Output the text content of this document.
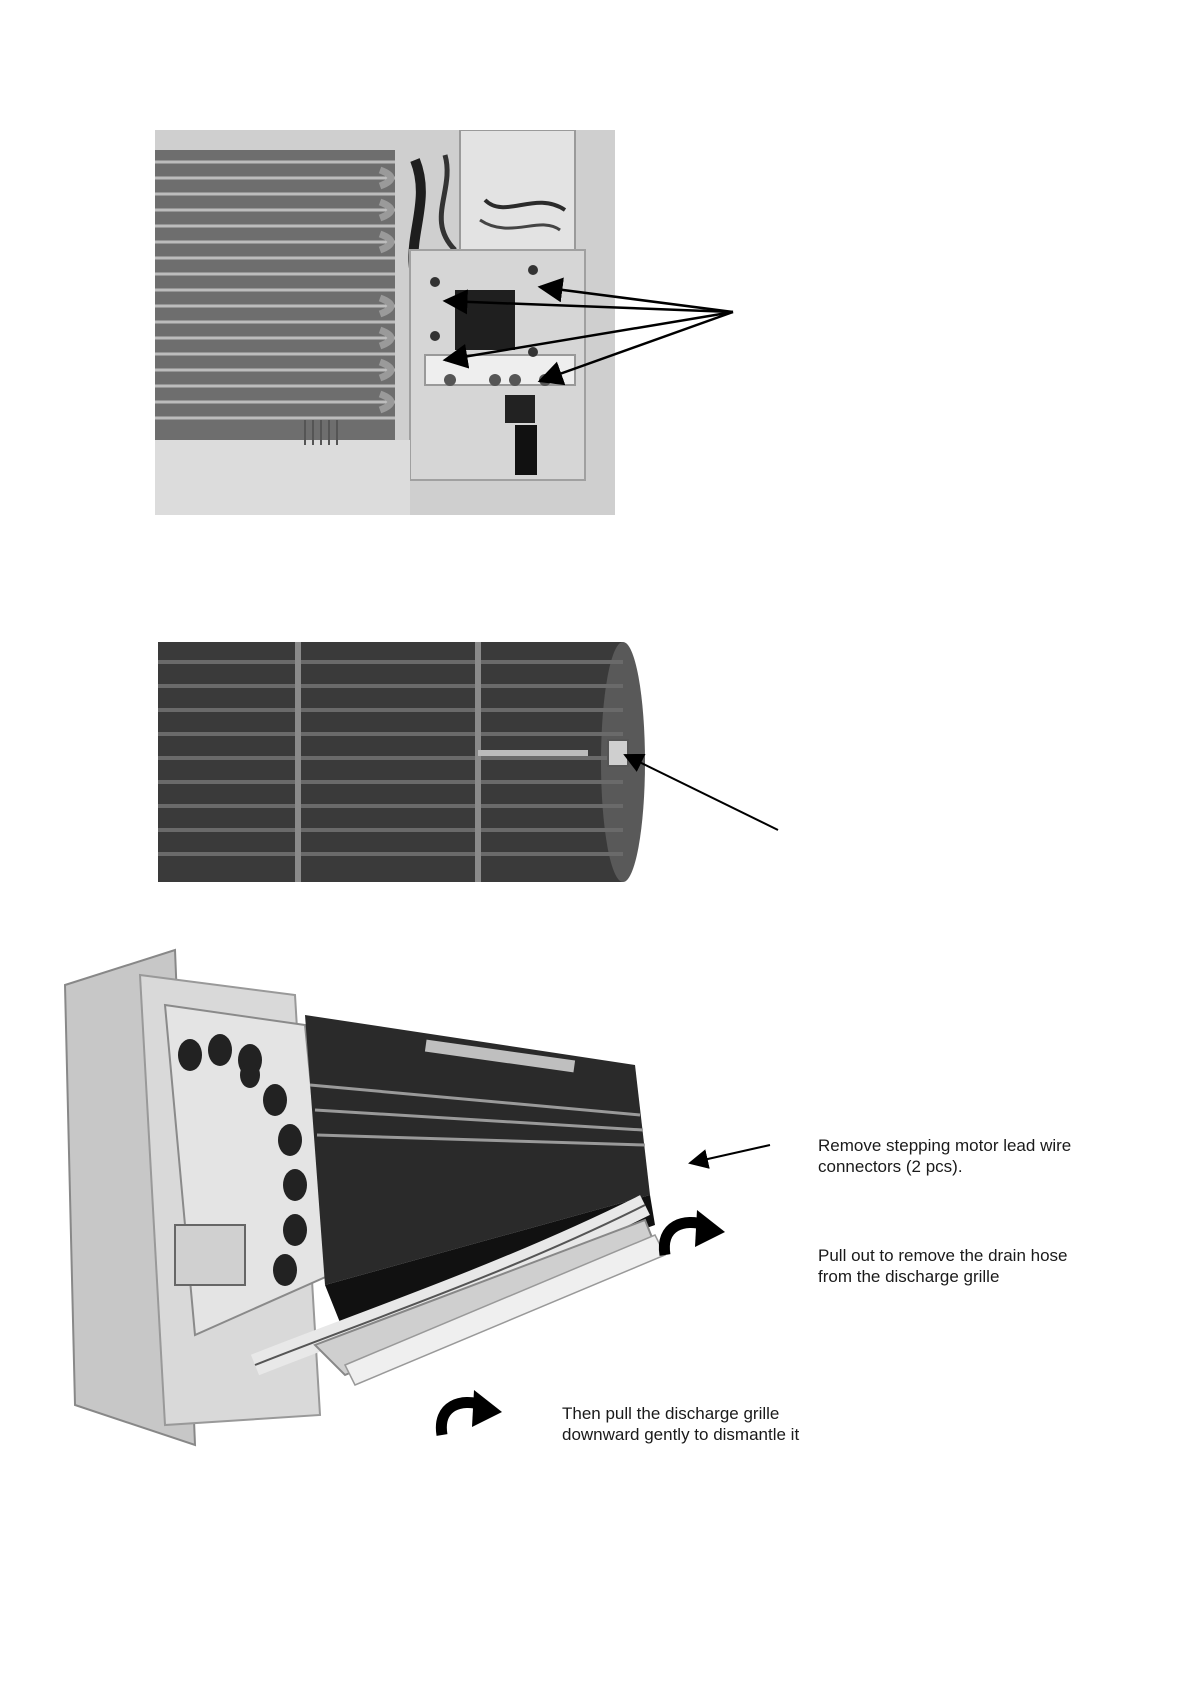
Remove stepping motor lead wire
connectors (2 pcs).
Pull out to remove the drain hose
from the discharge grille
Then pull the discharge grille
downward gently to dismantle it
